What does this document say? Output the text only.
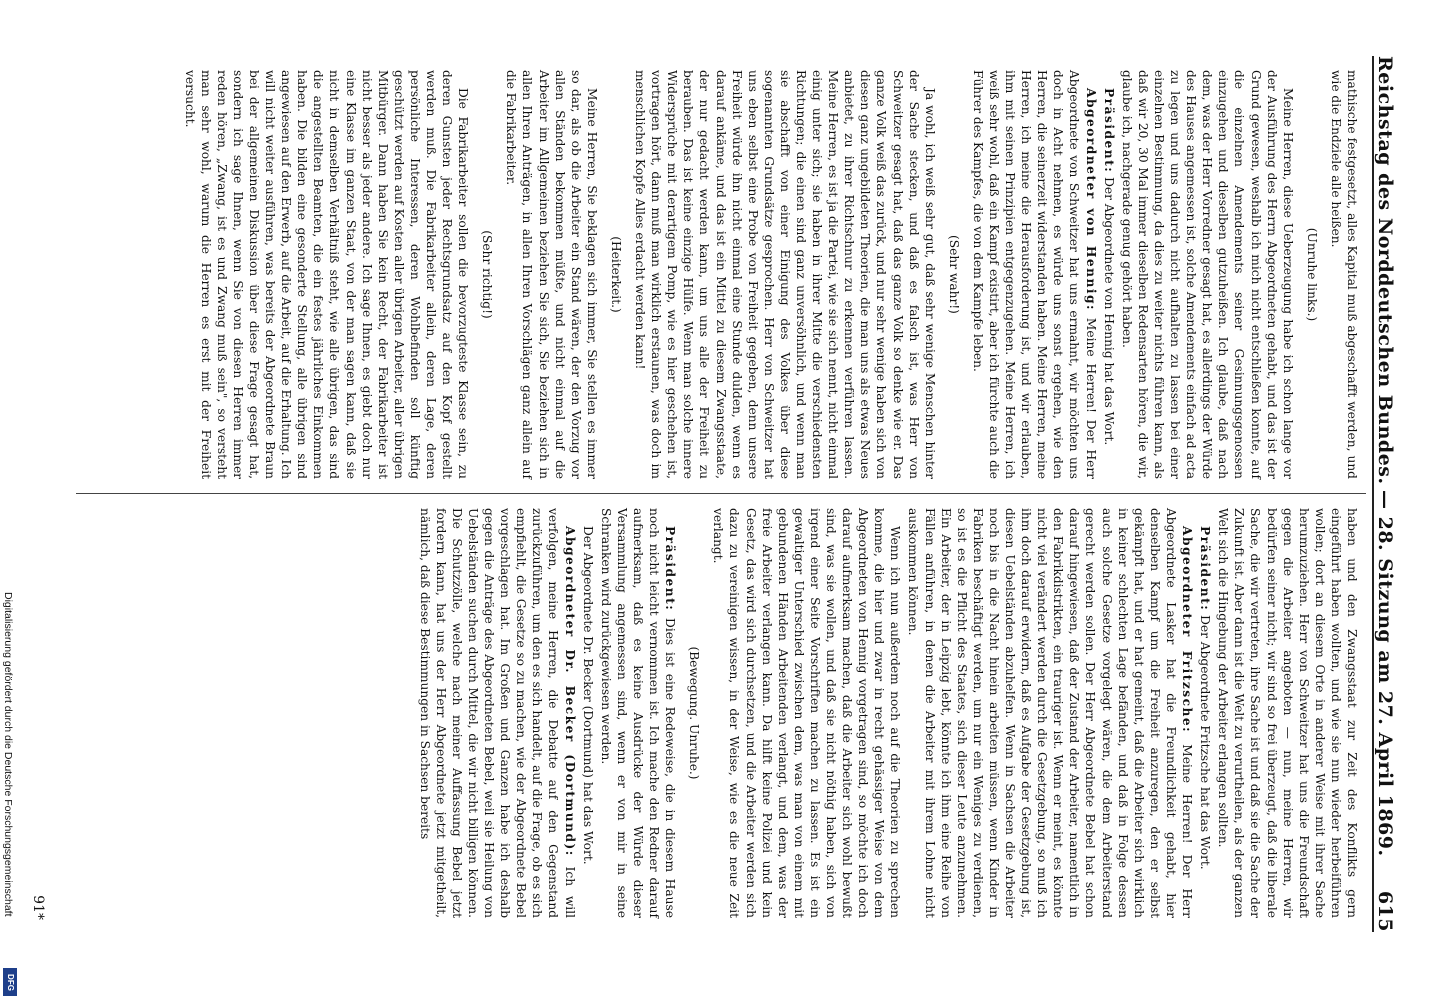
Reichstag des Norddeutschen Bundes.
— 28. Sitzung am 27. April 1869.
615

mathische festgesetzt, alles Kapital muß abgeschafft werden, und wie die Endziele alle heißen.

(Unruhe links.)

Meine Herren, diese Ueberzeugung habe ich schon lange vor der Ausführung des Herrn Abgeordneten gehabt, und das ist der Grund gewesen, weshalb ich mich nicht entschließen konnte, auf die einzelnen Amendements seiner Gesinnungsgenossen einzugehen und dieselben gutzuheißen. Ich glaube, daß nach dem, was der Herr Vorredner gesagt hat, es allerdings der Würde des Hauses angemessen ist, solche Amendements einfach ad acta zu legen und uns dadurch nicht aufhalten zu lassen bei einer einzelnen Bestimmung, da dies zu weiter nichts führen kann, als daß wir 20, 30 Mal immer dieselben Redensarten hören, die wir, glaube ich, nachgerade genug gehört haben.

Präsident: Der Abgeordnete von Hennig hat das Wort.

Abgeordneter von Hennig: Meine Herren! Der Herr Abgeordnete von Schweitzer hat uns ermahnt, wir möchten uns doch in Acht nehmen, es würde uns sonst ergehen, wie den Herren, die seinerzeit widerstanden haben. Meine Herren, meine Herren, ich meine die Herausforderung ist, und wir erlauben, ihm mit seinen Prinzipien entgegenzugehen. Meine Herren, ich weiß sehr wohl, daß ein Kampf existirt, aber ich fürchte auch die Führer des Kampfes, die von dem Kampfe leben.

(Sehr wahr!)

Ja wohl, ich weiß sehr gut, daß sehr wenige Menschen hinter der Sache stecken, und daß es falsch ist, was Herr von Schweitzer gesagt hat, daß das ganze Volk so denke wie er. Das ganze Volk weiß das zurück, und nur sehr wenige haben sich von diesen ganz ungebildeten Theorien, die man uns als etwas Neues anbietet, zu ihrer Richtschnur zu erkennen verführen lassen. Meine Herren, es ist ja die Partei, wie sie sich nennt, nicht einmal einig unter sich; sie haben in ihrer Mitte die verschiedensten Richtungen; die einen sind ganz unversöhnlich, und wenn man sie abschafft von einer Einigung des Volkes über diese sogenannten Grundsätze gesprochen. Herr von Schweitzer hat uns eben selbst eine Probe von Freiheit gegeben, denn unsere Freiheit würde ihn nicht einmal eine Stunde dulden, wenn es darauf ankäme, und das ist ein Mittel zu diesem Zwangsstaate, der nur gedacht werden kann, um uns alle der Freiheit zu berauben. Das ist keine einzige Hülfe. Wenn man solche innere Widersprüche mit derartigem Pomp, wie es hier geschehen ist, vortragen hört, dann muß man wirklich erstaunen, was doch im menschlichen Kopfe Alles erdacht werden kann!

(Heiterkeit.)

Meine Herren, Sie beklagen sich immer, Sie stellen es immer so dar, als ob die Arbeiter ein Stand wären, der den Vorzug vor allen Ständen bekommen müßte, und nicht einmal auf die Arbeiter im Allgemeinen beziehen Sie sich, Sie beziehen sich in allen Ihren Anträgen, in allen Ihren Vorschlägen ganz allein auf die Fabrikarbeiter.

(Sehr richtig!)

Die Fabrikarbeiter sollen die bevorzugteste Klasse sein, zu deren Gunsten jeder Rechtsgrundsatz auf den Kopf gestellt werden muß. Die Fabrikarbeiter allein, deren Lage, deren persönliche Interessen, deren Wohlbefinden soll künftig geschützt werden auf Kosten aller übrigen Arbeiter, aller übrigen Mitbürger. Dann haben Sie kein Recht, der Fabrikarbeiter ist nicht besser als jeder andere. Ich sage Ihnen, es giebt doch nur eine Klasse im ganzen Staat, von der man sagen kann, daß sie nicht in demselben Verhältniß steht, wie alle übrigen, das sind die angestellten Beamten, die ein festes jährliches Einkommen haben. Die bilden eine gesonderte Stellung, alle übrigen sind angewiesen auf den Erwerb, auf die Arbeit, auf die Erhaltung. Ich will nicht weiter ausführen, was bereits der Abgeordnete Braun bei der allgemeinen Diskussion über diese Frage gesagt hat, sondern ich sage Ihnen, wenn Sie von diesen Herren immer reden hören, „Zwang, ist es und Zwang muß sein", so versteht man sehr wohl, warum die Herren es erst mit der Freiheit versucht.

haben und den Zwangsstaat zur Zeit des Konflikts gern eingeführt haben wollten, und wie sie nun wieder herbeiführen wollen; dort an diesem Orte in anderer Weise mit ihrer Sache herumzuziehen. Herr von Schweitzer hat uns die Freundschaft gegen die Arbeiter angeboten — nun, meine Herren, wir bedürfen seiner nicht; wir sind so frei überzeugt, daß die liberale Sache, die wir vertreten, ihre Sache ist und daß sie die Sache der Zukunft ist. Aber dann ist die Welt zu verurtheilen, als der ganzen Welt sich die Hingebung der Arbeiter erlangen sollten.

Präsident: Der Abgeordnete Fritzsche hat das Wort.

Abgeordneter Fritzsche: Meine Herren! Der Herr Abgeordnete Lasker hat die Freundlichkeit gehabt, hier denselben Kampf um die Freiheit anzuregen, den er selbst gekämpft hat, und er hat gemeint, daß die Arbeiter sich wirklich in keiner schlechten Lage befänden, und daß in Folge dessen auch solche Gesetze vorgelegt wären, die dem Arbeiterstand gerecht werden sollen. Der Herr Abgeordnete Bebel hat schon darauf hingewiesen, daß der Zustand der Arbeiter, namentlich in den Fabrikdistrikten, ein trauriger ist. Wenn er meint, es könnte nicht viel verändert werden durch die Gesetzgebung, so muß ich ihm doch darauf erwidern, daß es Aufgabe der Gesetzgebung ist, diesen Uebelständen abzuhelfen. Wenn in Sachsen die Arbeiter noch bis in die Nacht hinein arbeiten müssen, wenn Kinder in Fabriken beschäftigt werden, um nur ein Weniges zu verdienen, so ist es die Pflicht des Staates, sich dieser Leute anzunehmen. Ein Arbeiter, der in Leipzig lebt, könnte ich ihm eine Reihe von Fällen anführen, in denen die Arbeiter mit ihrem Lohne nicht auskommen können.

Wenn ich nun außerdem noch auf die Theorien zu sprechen komme, die hier und zwar in recht gehässiger Weise von dem Abgeordneten von Hennig vorgetragen sind, so möchte ich doch darauf aufmerksam machen, daß die Arbeiter sich wohl bewußt sind, was sie wollen, und daß sie nicht nöthig haben, sich von irgend einer Seite Vorschriften machen zu lassen. Es ist ein gewaltiger Unterschied zwischen dem, was man von einem mit gebundenen Händen Arbeitenden verlangt, und dem, was der freie Arbeiter verlangen kann. Da hilft keine Polizei und kein Gesetz, das wird sich durchsetzen, und die Arbeiter werden sich dazu zu vereinigen wissen, in der Weise, wie es die neue Zeit verlangt.

(Bewegung. Unruhe.)

Präsident: Dies ist eine Redeweise, die in diesem Hause noch nicht leicht vernommen ist. Ich mache den Redner darauf aufmerksam, daß es keine Ausdrücke der Würde dieser Versammlung angemessen sind, wenn er von mir in seine Schranken wird zurückgewiesen werden.

Der Abgeordnete Dr. Becker (Dortmund) hat das Wort.

Abgeordneter Dr. Becker (Dortmund): Ich will verfolgen, meine Herren, die Debatte auf den Gegenstand zurückzuführen, um den es sich handelt, auf die Frage, ob es sich empfiehlt, die Gesetze so zu machen, wie der Abgeordnete Bebel vorgeschlagen hat. Im Großen und Ganzen habe ich deshalb gegen die Anträge des Abgeordneten Bebel, weil sie Heilung von Uebelständen suchen durch Mittel, die wir nicht billigen können. Die Schutzzölle, welche nach meiner Auffassung Bebel jetzt fordern kann, hat uns der Herr Abgeordnete jetzt mitgetheilt, nämlich, daß diese Bestimmungen in Sachsen bereits

91*
Digitalisierung gefördert durch die Deutsche Forschungsgemeinschaft
DFG
